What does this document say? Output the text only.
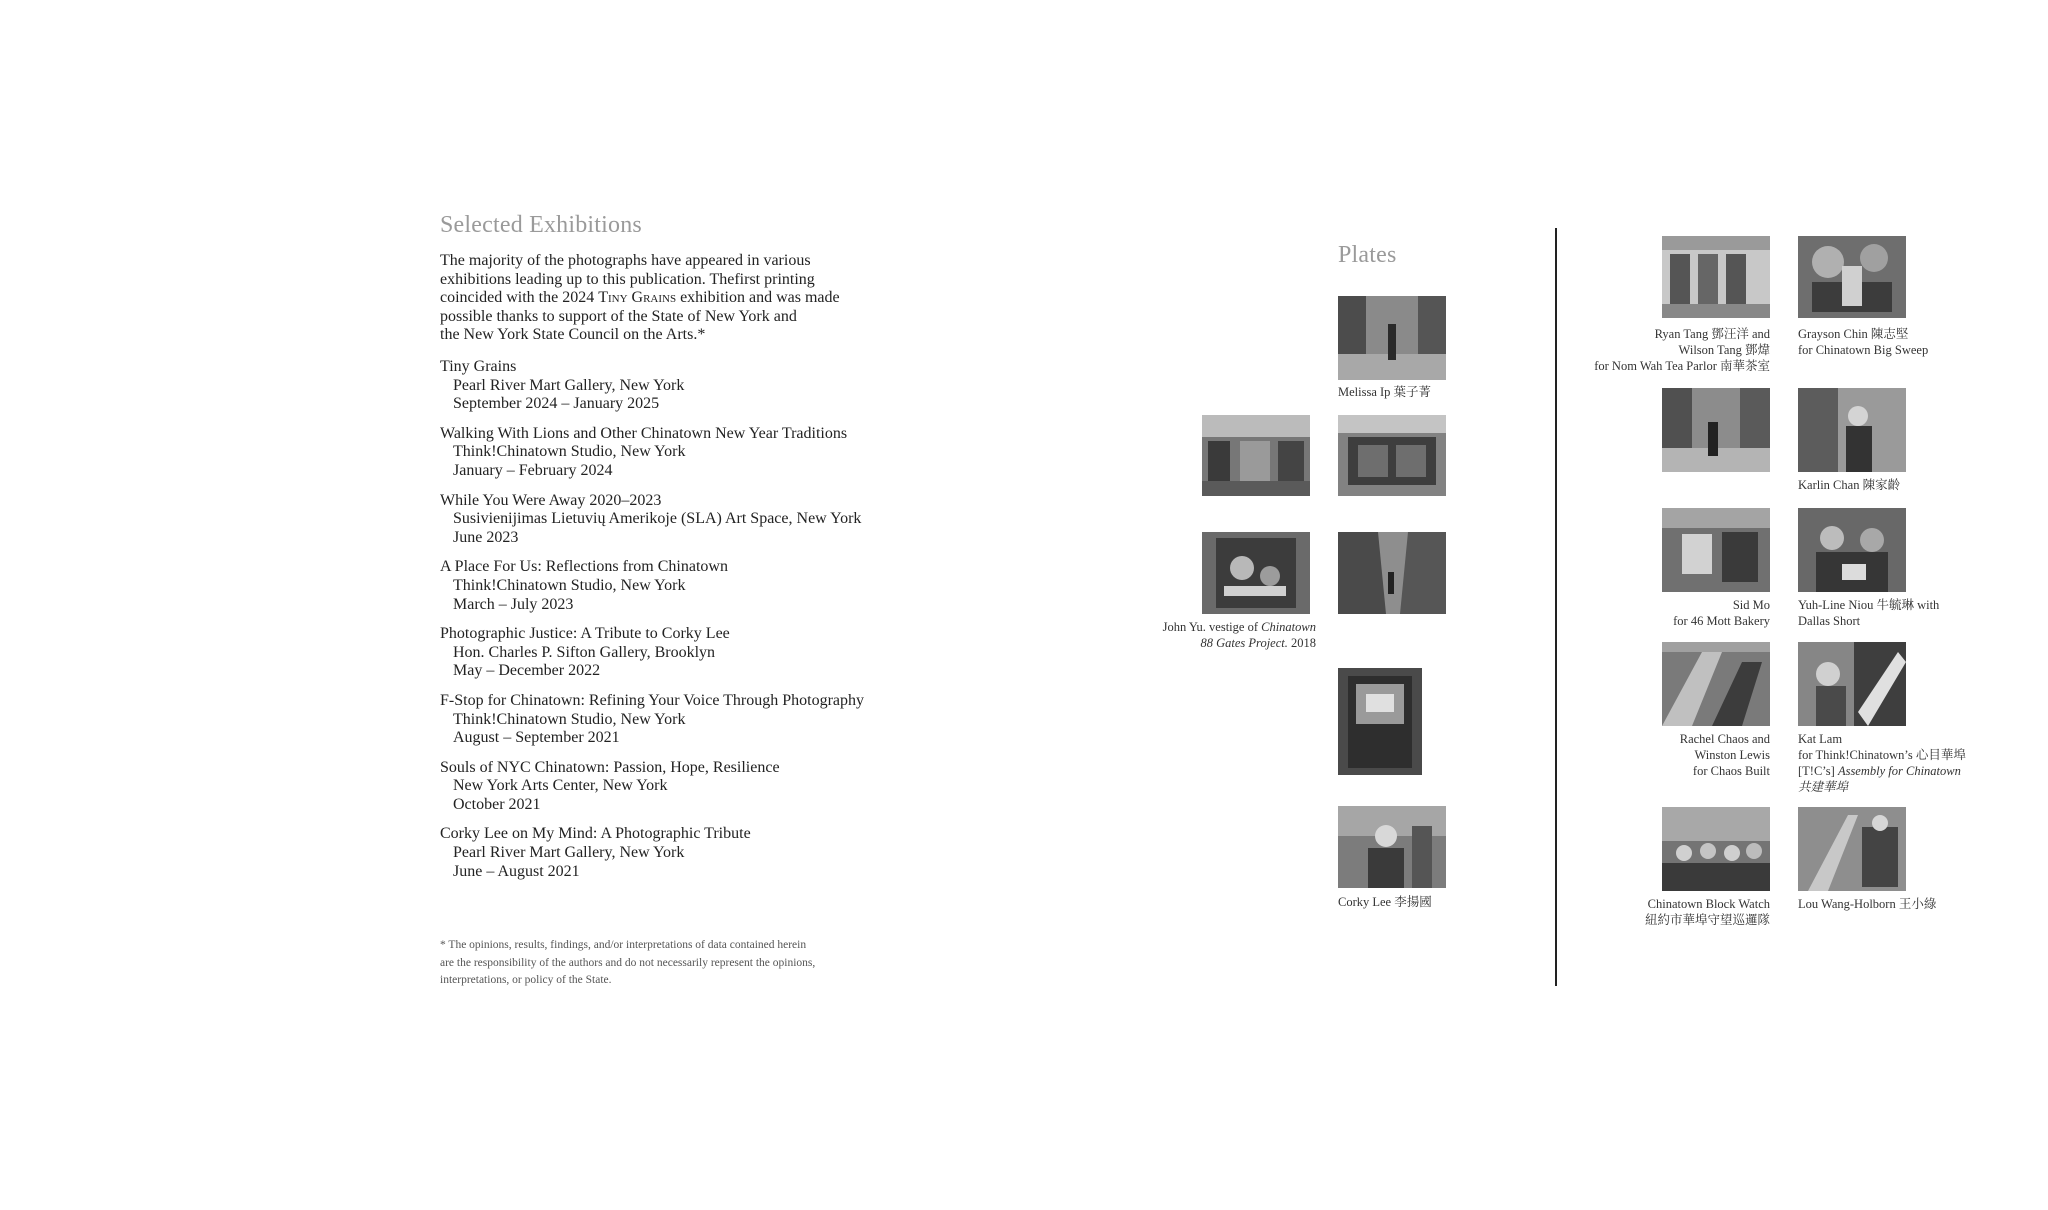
Selected Exhibitions
The majority of the photographs have appeared in various
exhibitions leading up to this publication. Thefirst printing
coincided with the 2024 Tiny Grains exhibition and was made
possible thanks to support of the State of New York and
the New York State Council on the Arts.*
Tiny Grains
Pearl River Mart Gallery, New York
September 2024 – January 2025
Walking With Lions and Other Chinatown New Year Traditions
Think!Chinatown Studio, New York
January – February 2024
While You Were Away 2020–2023
Susivienijimas Lietuvių Amerikoje (SLA) Art Space, New York
June 2023
A Place For Us: Reflections from Chinatown
Think!Chinatown Studio, New York
March – July 2023
Photographic Justice: A Tribute to Corky Lee
Hon. Charles P. Sifton Gallery, Brooklyn
May – December 2022
F-Stop for Chinatown: Refining Your Voice Through Photography
Think!Chinatown Studio, New York
August – September 2021
Souls of NYC Chinatown: Passion, Hope, Resilience
New York Arts Center, New York
October 2021
Corky Lee on My Mind: A Photographic Tribute
Pearl River Mart Gallery, New York
June – August 2021
* The opinions, results, findings, and/or interpretations of data contained herein
are the responsibility of the authors and do not necessarily represent the opinions,
interpretations, or policy of the State.
Plates
Melissa Ip 葉子菁
John Yu. vestige of Chinatown
88 Gates Project. 2018
Corky Lee 李揚國
Ryan Tang 鄧汪洋 and
Wilson Tang 鄧煒
for Nom Wah Tea Parlor 南華茶室
Grayson Chin 陳志堅
for Chinatown Big Sweep
Karlin Chan 陳家齡
Sid Mo
for 46 Mott Bakery
Yuh-Line Niou 牛毓琳 with
Dallas Short
Rachel Chaos and
Winston Lewis
for Chaos Built
Kat Lam
for Think!Chinatown’s 心目華埠
[T!C’s] Assembly for Chinatown
共建華埠
Chinatown Block Watch
紐約市華埠守望巡邏隊
Lou Wang-Holborn 王小綠
